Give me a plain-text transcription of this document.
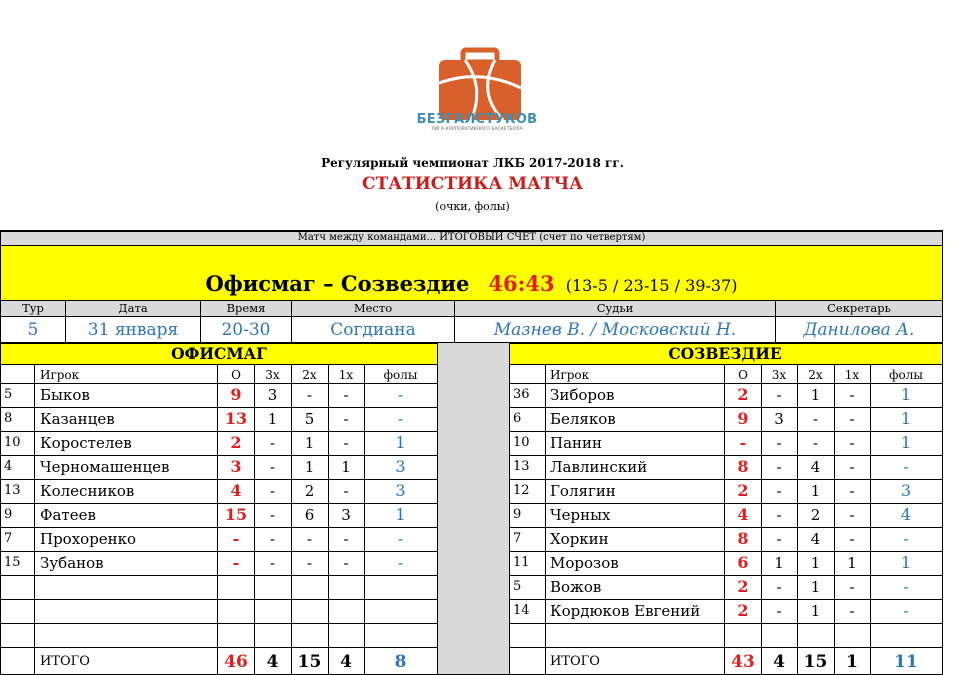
БЕЗГАЛСТУКОВ
ЛИГА КОРПОРАТИВНОГО БАСКЕТБОЛА
Регулярный чемпионат ЛКБ 2017-2018 гг.
СТАТИСТИКА МАТЧА
(очки, фолы)
Матч между командами... ИТОГОВЫЙ СЧЕТ (счет по четвертям)
Офисмаг – Созвездие 46:43 (13-5 / 23-15 / 39-37)
Тур	Дата	Время	Место	Судьи	Секретарь
5	31 января	20-30	Согдиана	Мазнев В. / Московский Н.	Данилова А.
ОФИСМАГ	СОЗВЕЗДИЕ
Игрок	О	3х	2х	1х	фолы	Игрок	О	3х	2х	1х	фолы
5	Быков	9	3	-	-	-
8	Казанцев	13	1	5	-	-
10	Коростелев	2	-	1	-	1
4	Черномашенцев	3	-	1	1	3
13	Колесников	4	-	2	-	3
9	Фатеев	15	-	6	3	1
7	Прохоренко	-	-	-	-	-
15	Зубанов	-	-	-	-	-
ИТОГО	46	4	15	4	8
36	Зиборов	2	-	1	-	1
6	Беляков	9	3	-	-	1
10	Панин	-	-	-	-	1
13	Лавлинский	8	-	4	-	-
12	Голягин	2	-	1	-	3
9	Черных	4	-	2	-	4
7	Хоркин	8	-	4	-	-
11	Морозов	6	1	1	1	1
5	Вожов	2	-	1	-	-
14	Кордюков Евгений	2	-	1	-	-
ИТОГО	43	4	15	1	11
